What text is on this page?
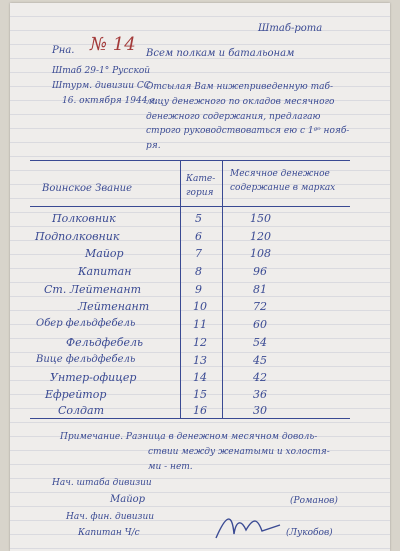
Штаб-рота
Рна. № 14 Всем полкам и батальонам
Штаб 29-1° Русской
Штурм. дивизии СС
16. октября 1944 г.
Отсылая Вам нижеприведенную таб-
лицу денежного по окладов месячного
денежного содержания, предлагаю
строго руководствоваться ею с 1ᵍᵒ нояб-
ря.
Воинское Звание
Кате- гория
Месячное денежное содержание в марках
Полковник	5	150
Подполковник	6	120
Майор	7	108
Капитан	8	96
Ст. Лейтенант	9	81
Лейтенант	10	72
Обер фельдфебель	11	60
Фельдфебель	12	54
Вице фельдфебель	13	45
Унтер-офицер	14	42
Ефрейтор	15	36
Солдат	16	30
Примечание. Разница в денежном месячном доволь-
ствии между женатыми и холостя-
ми - нет.
Нач. штаба дивизии
Майор	(Романов)
Нач. фин. дивизии
Капитан Ч/с	(Лукобов)
